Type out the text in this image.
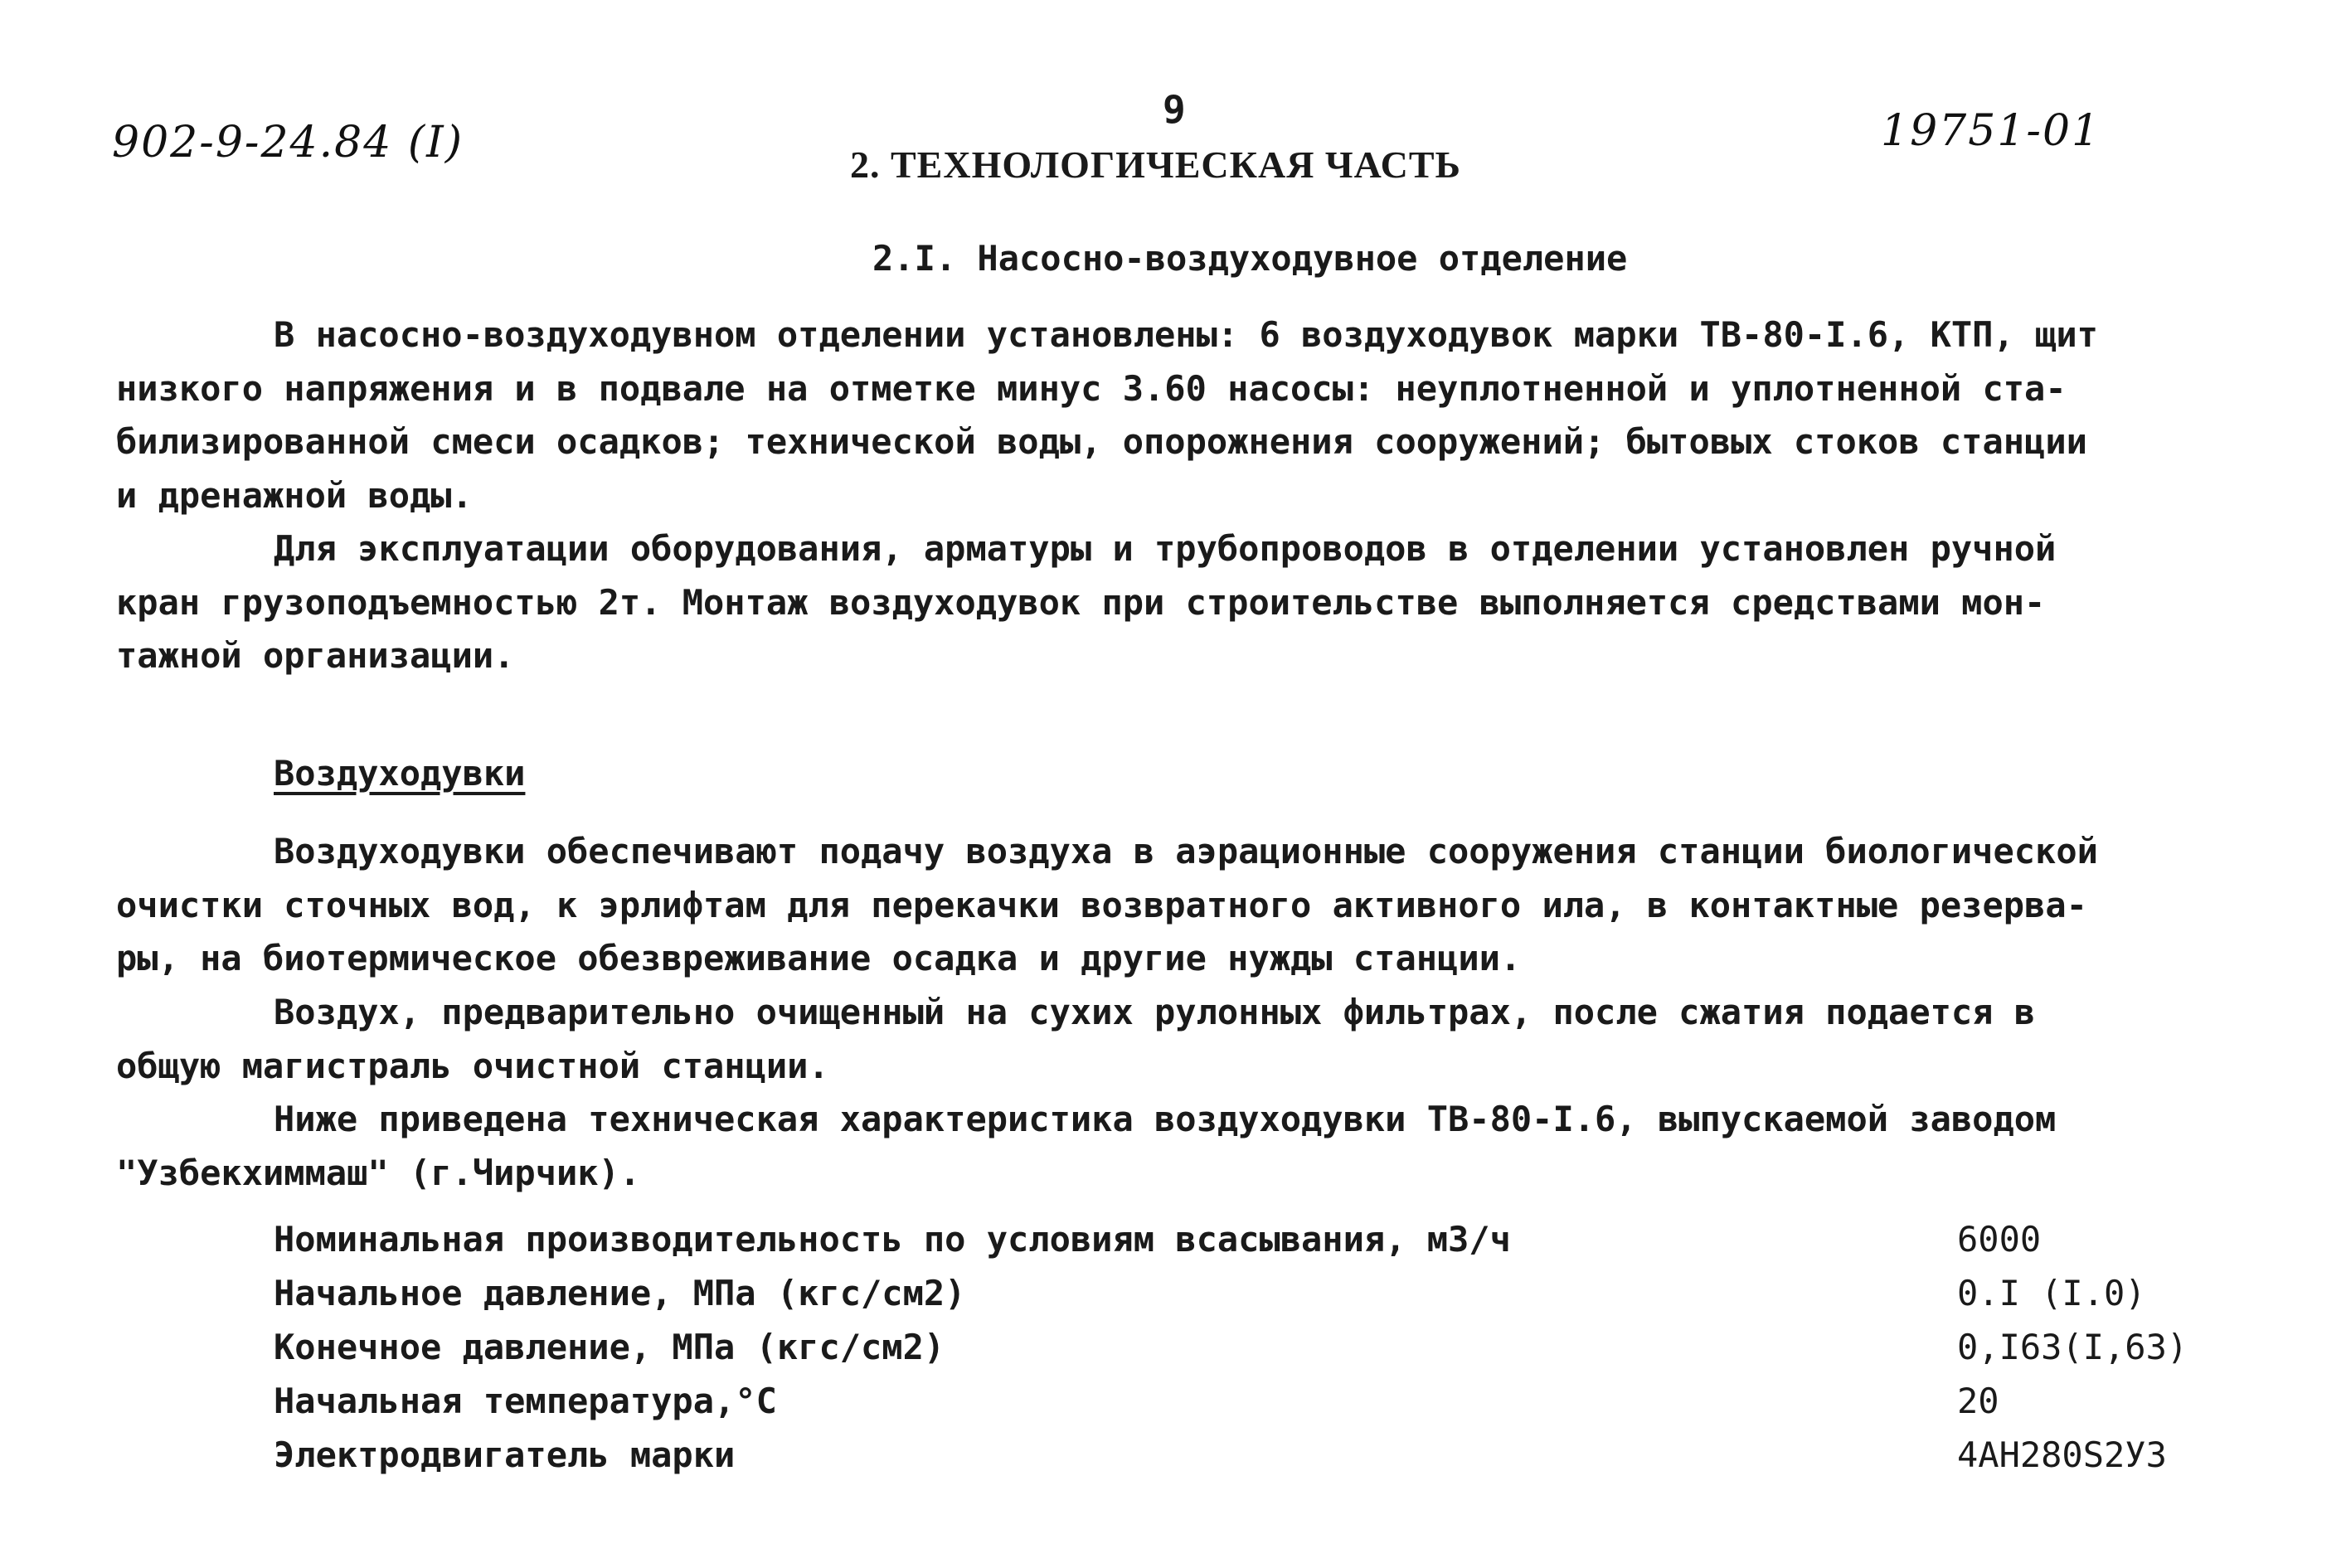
902-9-24.84 (I)	19751-01
9
2. ТЕХНОЛОГИЧЕСКАЯ ЧАСТЬ
2.I. Насосно-воздуходувное отделение
В насосно-воздуходувном отделении установлены: 6 воздуходувок марки ТВ-80-I.6, КТП, щит
низкого напряжения и в подвале на отметке минус 3.60 насосы: неуплотненной и уплотненной ста-
билизированной смеси осадков; технической воды, опорожнения сооружений; бытовых стоков станции
и дренажной воды.
Для эксплуатации оборудования, арматуры и трубопроводов в отделении установлен ручной
кран грузоподъемностью 2т. Монтаж воздуходувок при строительстве выполняется средствами мон-
тажной организации.
Воздуходувки
Воздуходувки обеспечивают подачу воздуха в аэрационные сооружения станции биологической
очистки сточных вод, к эрлифтам для перекачки возвратного активного ила, в контактные резерва-
ры, на биотермическое обезвреживание осадка и другие нужды станции.
Воздух, предварительно очищенный на сухих рулонных фильтрах, после сжатия подается в
общую магистраль очистной станции.
Ниже приведена техническая характеристика воздуходувки ТВ-80-I.6, выпускаемой заводом
"Узбекхиммаш" (г.Чирчик).
Номинальная производительность по условиям всасывания, м3/ч	6000
Начальное давление, МПа (кгс/см2)	0.I (I.0)
Конечное давление, МПа (кгс/см2)	0,I63(I,63)
Начальная температура,°С	20
Электродвигатель марки	4АН280S2У3
